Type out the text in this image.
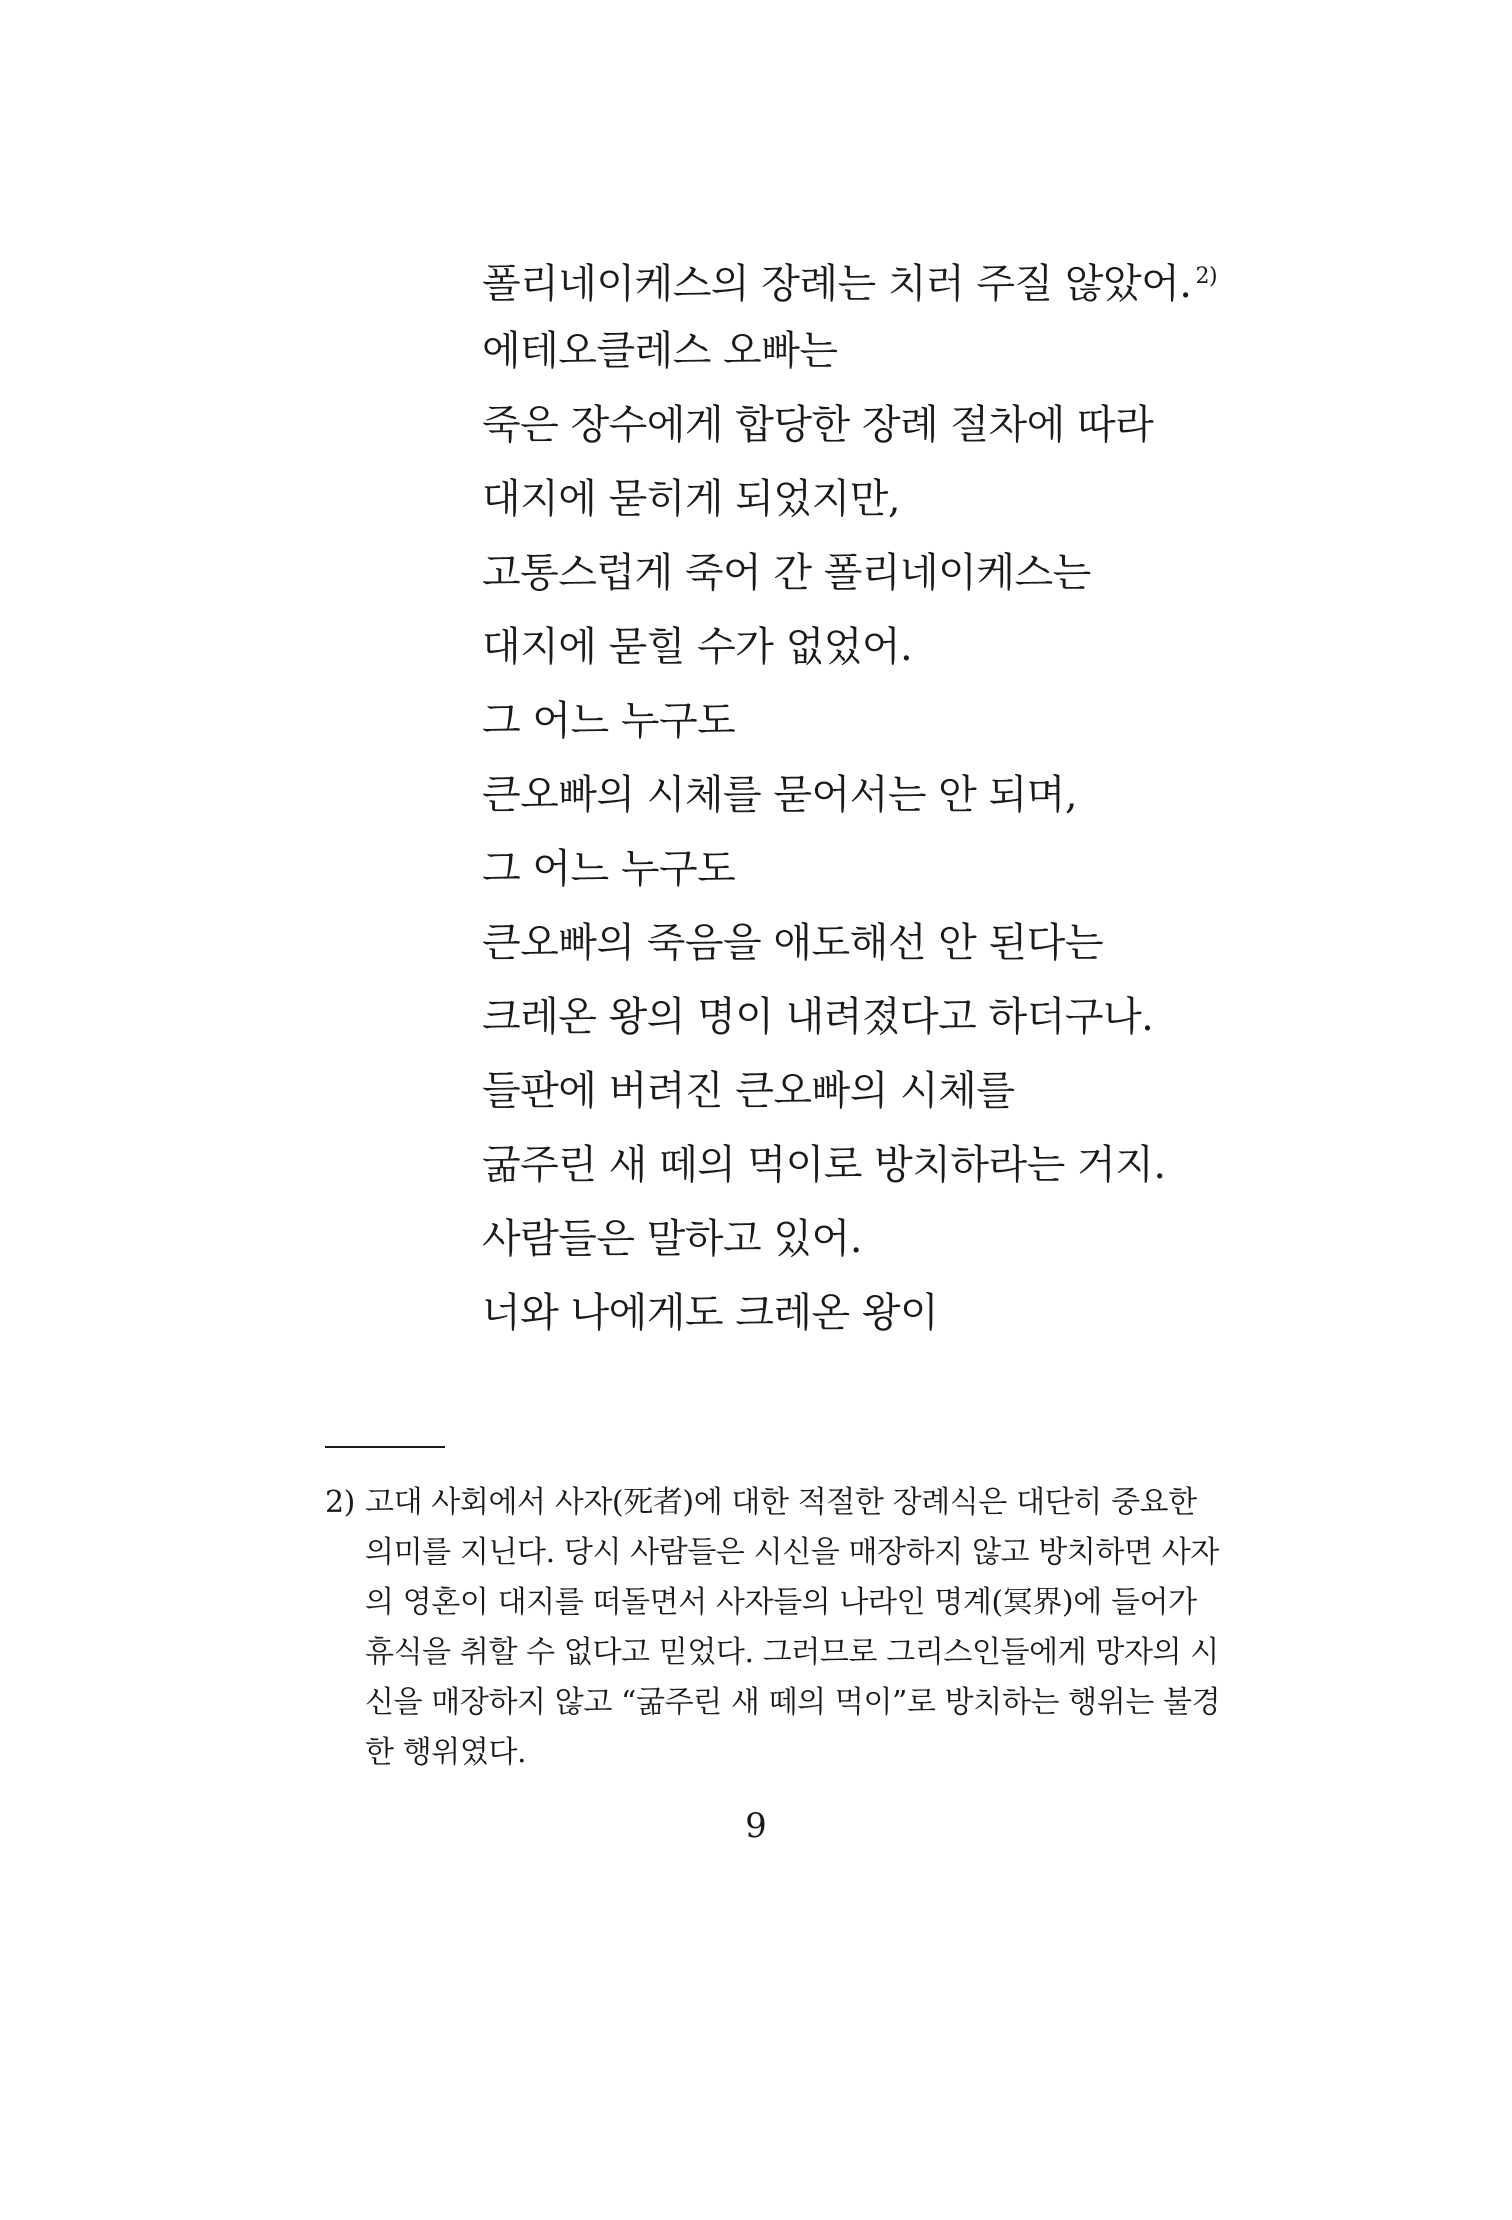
폴리네이케스의 장례는 치러 주질 않았어. $^{2)}$
에테오클레스 오빠는
죽은 장수에게 합당한 장례 절차에 따라
대지에 묻히게 되었지만,
고통스럽게 죽어 간 폴리네이케스는
대지에 묻힐 수가 없었어.
그 어느 누구도
큰오빠의 시체를 묻어서는 안 되며,
그 어느 누구도
큰오빠의 죽음을 애도해선 안 된다는
크레온 왕의 명이 내려졌다고 하더구나.
들판에 버려진 큰오빠의 시체를
굶주린 새 떼의 먹이로 방치하라는 거지.
사람들은 말하고 있어.
너와 나에게도 크레온 왕이
2) 고대 사회에서 사자(死者)에 대한 적절한 장례식은 대단히 중요한
의미를 지닌다. 당시 사람들은 시신을 매장하지 않고 방치하면 사자
의 영혼이 대지를 떠돌면서 사자들의 나라인 명계(冥界)에 들어가
휴식을 취할 수 없다고 믿었다. 그러므로 그리스인들에게 망자의 시
신을 매장하지 않고 “굶주린 새 떼의 먹이”로 방치하는 행위는 불경
한 행위였다.
9
